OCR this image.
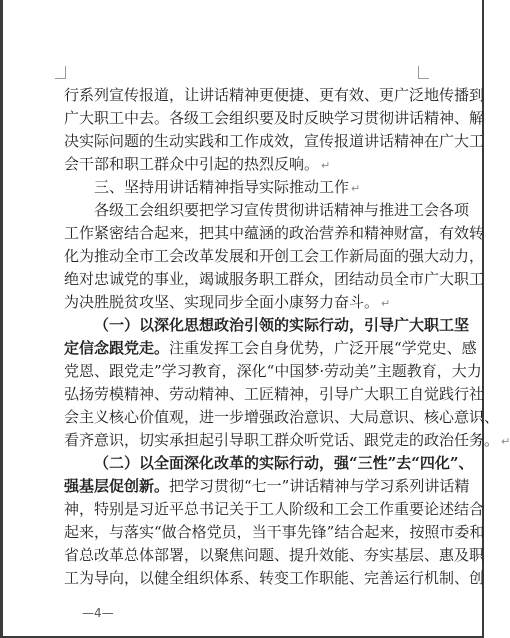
行系列宣传报道，让讲话精神更便捷、更有效、更广泛地传播到
广大职工中去。各级工会组织要及时反映学习贯彻讲话精神、解
决实际问题的生动实践和工作成效，宣传报道讲话精神在广大工
会干部和职工群众中引起的热烈反响。 ↵
三、坚持用讲话精神指导实际推动工作 ↵
各级工会组织要把学习宣传贯彻讲话精神与推进工会各项
工作紧密结合起来，把其中蕴涵的政治营养和精神财富，有效转
化为推动全市工会改革发展和开创工会工作新局面的强大动力，
绝对忠诚党的事业，竭诚服务职工群众，团结动员全市广大职工
为决胜脱贫攻坚、实现同步全面小康努力奋斗。 ↵
（一）以深化思想政治引领的实际行动，引导广大职工坚
定信念跟党走。注重发挥工会自身优势，广泛开展“学党史、感
党恩、跟党走”学习教育，深化“中国梦·劳动美”主题教育，大力
弘扬劳模精神、劳动精神、工匠精神，引导广大职工自觉践行社
会主义核心价值观，进一步增强政治意识、大局意识、核心意识、
看齐意识，切实承担起引导职工群众听党话、跟党走的政治任务。 ↵
（二）以全面深化改革的实际行动，强“三性”去“四化”、
强基层促创新。把学习贯彻“七一”讲话精神与学习系列讲话精
神，特别是习近平总书记关于工人阶级和工会工作重要论述结合
起来，与落实“做合格党员，当干事先锋”结合起来，按照市委和
省总改革总体部署，以聚焦问题、提升效能、夯实基层、惠及职
工为导向，以健全组织体系、转变工作职能、完善运行机制、创
—4—
